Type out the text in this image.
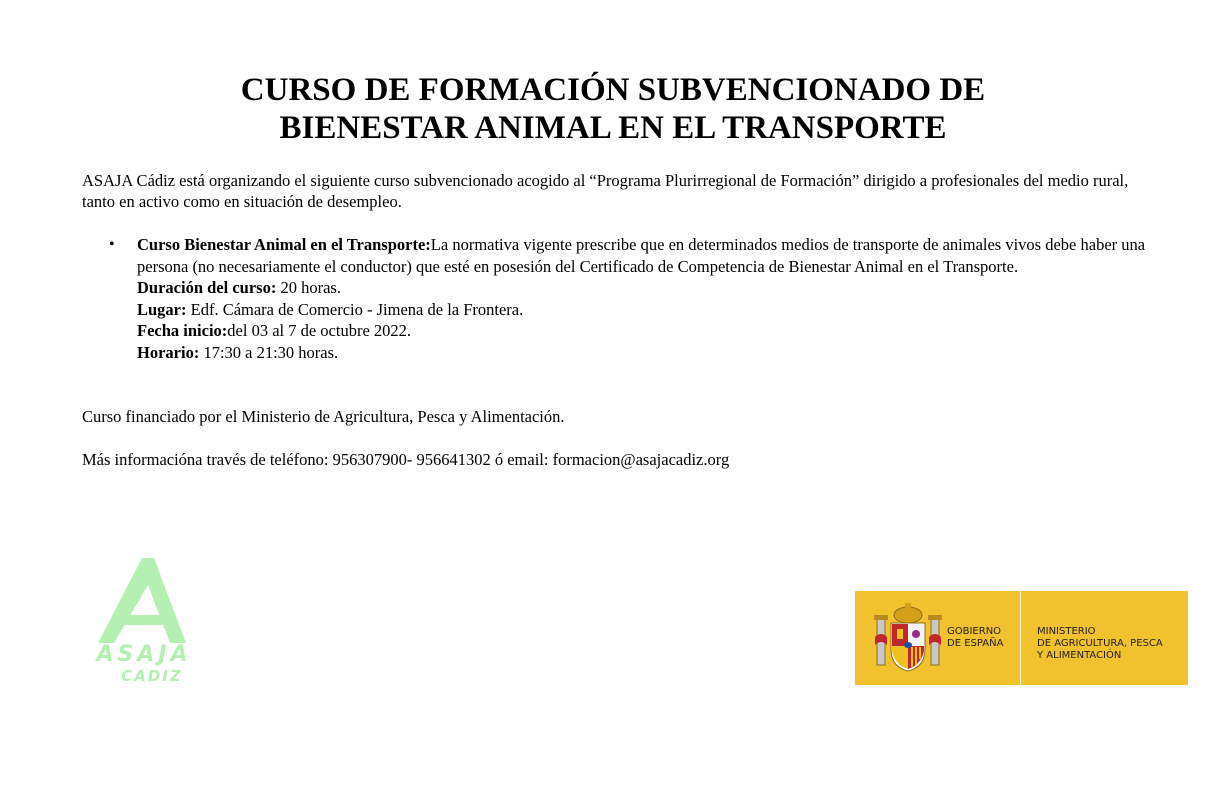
CURSO DE FORMACIÓN SUBVENCIONADO DE
BIENESTAR ANIMAL EN EL TRANSPORTE

ASAJA Cádiz está organizando el siguiente curso subvencionado acogido al “Programa Plurirregional de Formación” dirigido a profesionales del medio rural, tanto en activo como en situación de desempleo.

• Curso Bienestar Animal en el Transporte:La normativa vigente prescribe que en determinados medios de transporte de animales vivos debe haber una persona (no necesariamente el conductor) que esté en posesión del Certificado de Competencia de Bienestar Animal en el Transporte.
Duración del curso: 20 horas.
Lugar: Edf. Cámara de Comercio - Jimena de la Frontera.
Fecha inicio:del 03 al 7 de octubre 2022.
Horario: 17:30 a 21:30 horas.

Curso financiado por el Ministerio de Agricultura, Pesca y Alimentación.

Más informacióna través de teléfono: 956307900- 956641302 ó email: formacion@asajacadiz.org

ASAJA
CADIZ
GOBIERNO
DE ESPAÑA
MINISTERIO
DE AGRICULTURA, PESCA
Y ALIMENTACIÓN
